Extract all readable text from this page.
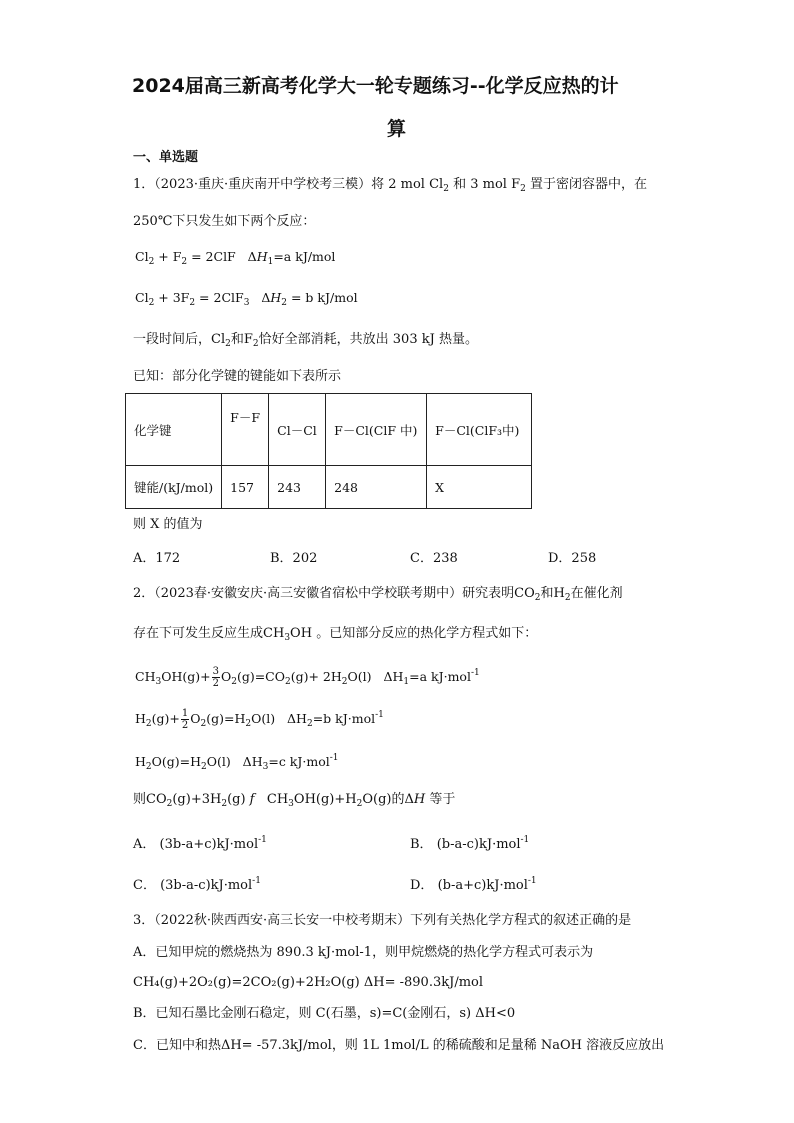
2024届高三新高考化学大一轮专题练习--化学反应热的计
算
一、单选题
1．（2023·重庆·重庆南开中学校考三模）将 2 mol $Cl_2$ 和 3 mol $F_2$ 置于密闭容器中，在
250℃下只发生如下两个反应：
$Cl_2 + F_2 = 2ClF$   $\Delta H_1=a$ kJ/mol
$Cl_2 + 3F_2 = 2ClF_3$   $\Delta H_2 = b$ kJ/mol
一段时间后，$Cl_2$和$F_2$恰好全部消耗，共放出 303 kJ 热量。
已知：部分化学键的键能如下表所示
化学键	F－F	Cl－Cl	F－Cl(ClF 中)	F－Cl(ClF₃中)
键能/(kJ/mol)	157	243	248	X
则 X 的值为
A．172	B．202	C．238	D．258
2．（2023春·安徽安庆·高三安徽省宿松中学校联考期中）研究表明$CO_2$和$H_2$在催化剂
存在下可发生反应生成$CH_3OH$ 。已知部分反应的热化学方程式如下：
$CH_3OH(g)+ \frac{3}{2} O_2(g)=CO_2(g)+ 2H_2O(l)$   $\Delta H_1=a$ kJ·mol$^{-1}$
$H_2(g)+ \frac{1}{2} O_2(g)=H_2O(l)$   $\Delta H_2=b$ kJ·mol$^{-1}$
$H_2O(g)=H_2O(l)$   $\Delta H_3=c$ kJ·mol$^{-1}$
则$CO_2(g)+3H_2(g)$ f   $CH_3OH(g)+H_2O(g)$的ΔH 等于
A． (3b-a+c)kJ·mol$^{-1}$	B． (b-a-c)kJ·mol$^{-1}$
C． (3b-a-c)kJ·mol$^{-1}$	D． (b-a+c)kJ·mol$^{-1}$
3．（2022秋·陕西西安·高三长安一中校考期末）下列有关热化学方程式的叙述正确的是
A．已知甲烷的燃烧热为 890.3 kJ·mol-1，则甲烷燃烧的热化学方程式可表示为
CH₄(g)+2O₂(g)=2CO₂(g)+2H₂O(g) ΔH= -890.3kJ/mol
B．已知石墨比金刚石稳定，则 C(石墨，s)=C(金刚石，s) ΔH<0
C．已知中和热ΔH= -57.3kJ/mol，则 1L 1mol/L 的稀硫酸和足量稀 NaOH 溶液反应放出
